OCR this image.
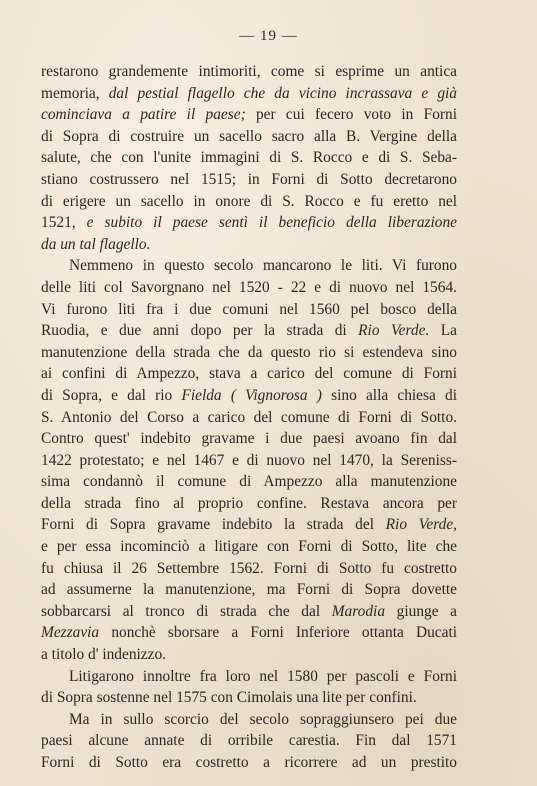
— 19 —
restarono grandemente intimoriti, come si esprime un antica
memoria, dal pestial flagello che da vicino incrassava e già
cominciava a patire il paese; per cui fecero voto in Forni
di Sopra di costruire un sacello sacro alla B. Vergine della
salute, che con l'unite immagini di S. Rocco e di S. Seba-
stiano costrussero nel 1515; in Forni di Sotto decretarono
di erigere un sacello in onore di S. Rocco e fu eretto nel
1521, e subito il paese sentì il beneficio della liberazione
da un tal flagello.
Nemmeno in questo secolo mancarono le liti. Vi furono
delle liti col Savorgnano nel 1520 - 22 e di nuovo nel 1564.
Vi furono liti fra i due comuni nel 1560 pel bosco della
Ruodia, e due anni dopo per la strada di Rio Verde. La
manutenzione della strada che da questo rio si estendeva sino
ai confini di Ampezzo, stava a carico del comune di Forni
di Sopra, e dal rio Fielda ( Vignorosa ) sino alla chiesa di
S. Antonio del Corso a carico del comune di Forni di Sotto.
Contro quest' indebito gravame i due paesi avoano fin dal
1422 protestato; e nel 1467 e di nuovo nel 1470, la Sereniss-
sima condannò il comune di Ampezzo alla manutenzione
della strada fino al proprio confine. Restava ancora per
Forni di Sopra gravame indebito la strada del Rio Verde,
e per essa incominciò a litigare con Forni di Sotto, lite che
fu chiusa il 26 Settembre 1562. Forni di Sotto fu costretto
ad assumerne la manutenzione, ma Forni di Sopra dovette
sobbarcarsi al tronco di strada che dal Marodia giunge a
Mezzavia nonchè sborsare a Forni Inferiore ottanta Ducati
a titolo d' indenizzo.
Litigarono innoltre fra loro nel 1580 per pascoli e Forni
di Sopra sostenne nel 1575 con Cimolais una lite per confini.
Ma in sullo scorcio del secolo sopraggiunsero pei due
paesi alcune annate di orribile carestia. Fin dal 1571
Forni di Sotto era costretto a ricorrere ad un prestito
